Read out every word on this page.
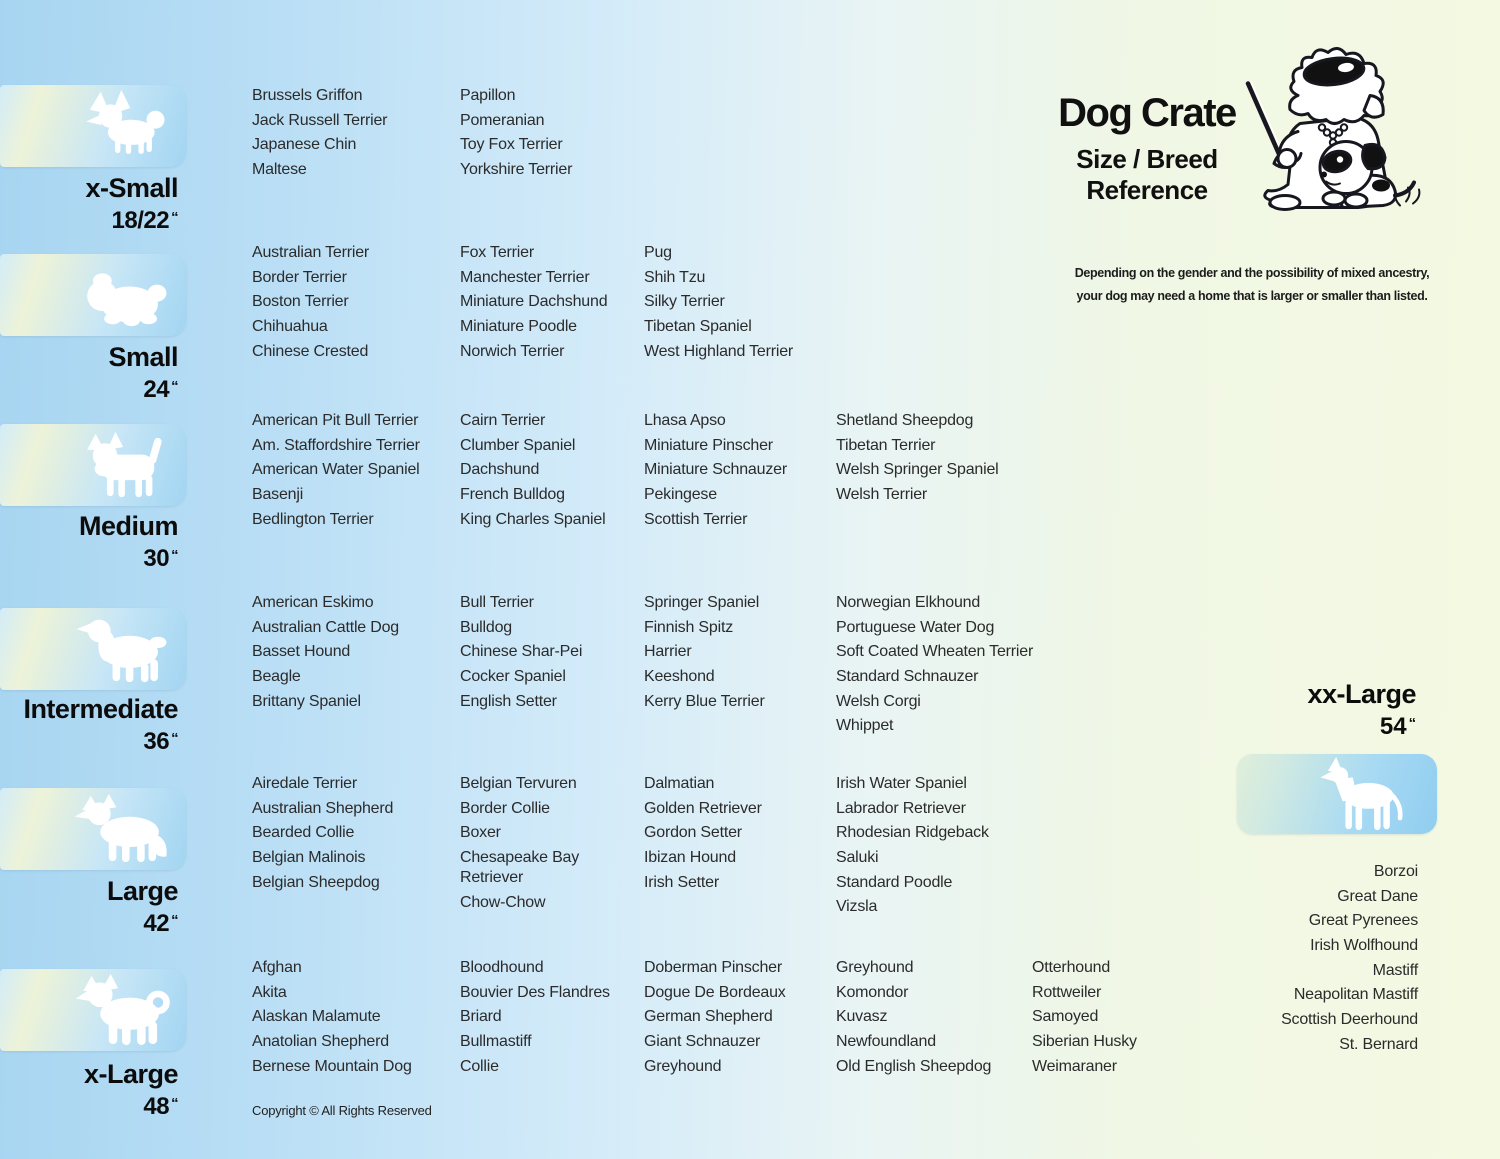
x-Small
18/22 “
Small
24 “
Medium
30 “
Intermediate
36 “
Large
42 “
x-Large
48 “
Brussels Griffon
Jack Russell Terrier
Japanese Chin
Maltese
Papillon
Pomeranian
Toy Fox Terrier
Yorkshire Terrier
Australian Terrier
Border Terrier
Boston Terrier
Chihuahua
Chinese Crested
Fox Terrier
Manchester Terrier
Miniature Dachshund
Miniature Poodle
Norwich Terrier
Pug
Shih Tzu
Silky Terrier
Tibetan Spaniel
West Highland Terrier
American Pit Bull Terrier
Am. Staffordshire Terrier
American Water Spaniel
Basenji
Bedlington Terrier
Cairn Terrier
Clumber Spaniel
Dachshund
French Bulldog
King Charles Spaniel
Lhasa Apso
Miniature Pinscher
Miniature Schnauzer
Pekingese
Scottish Terrier
Shetland Sheepdog
Tibetan Terrier
Welsh Springer Spaniel
Welsh Terrier
American Eskimo
Australian Cattle Dog
Basset Hound
Beagle
Brittany Spaniel
Bull Terrier
Bulldog
Chinese Shar-Pei
Cocker Spaniel
English Setter
Springer Spaniel
Finnish Spitz
Harrier
Keeshond
Kerry Blue Terrier
Norwegian Elkhound
Portuguese Water Dog
Soft Coated Wheaten Terrier
Standard Schnauzer
Welsh Corgi
Whippet
Airedale Terrier
Australian Shepherd
Bearded Collie
Belgian Malinois
Belgian Sheepdog
Belgian Tervuren
Border Collie
Boxer
Chesapeake Bay Retriever
Chow-Chow
Dalmatian
Golden Retriever
Gordon Setter
Ibizan Hound
Irish Setter
Irish Water Spaniel
Labrador Retriever
Rhodesian Ridgeback
Saluki
Standard Poodle
Vizsla
Afghan
Akita
Alaskan Malamute
Anatolian Shepherd
Bernese Mountain Dog
Bloodhound
Bouvier Des Flandres
Briard
Bullmastiff
Collie
Doberman Pinscher
Dogue De Bordeaux
German Shepherd
Giant Schnauzer
Greyhound
Greyhound
Komondor
Kuvasz
Newfoundland
Old English Sheepdog
Otterhound
Rottweiler
Samoyed
Siberian Husky
Weimaraner
xx-Large
54 “
Borzoi
Great Dane
Great Pyrenees
Irish Wolfhound
Mastiff
Neapolitan Mastiff
Scottish Deerhound
St. Bernard
Dog Crate
Size / Breed
Reference
Depending on the gender and the possibility of mixed ancestry,
your dog may need a home that is larger or smaller than listed.
Copyright © All Rights Reserved
